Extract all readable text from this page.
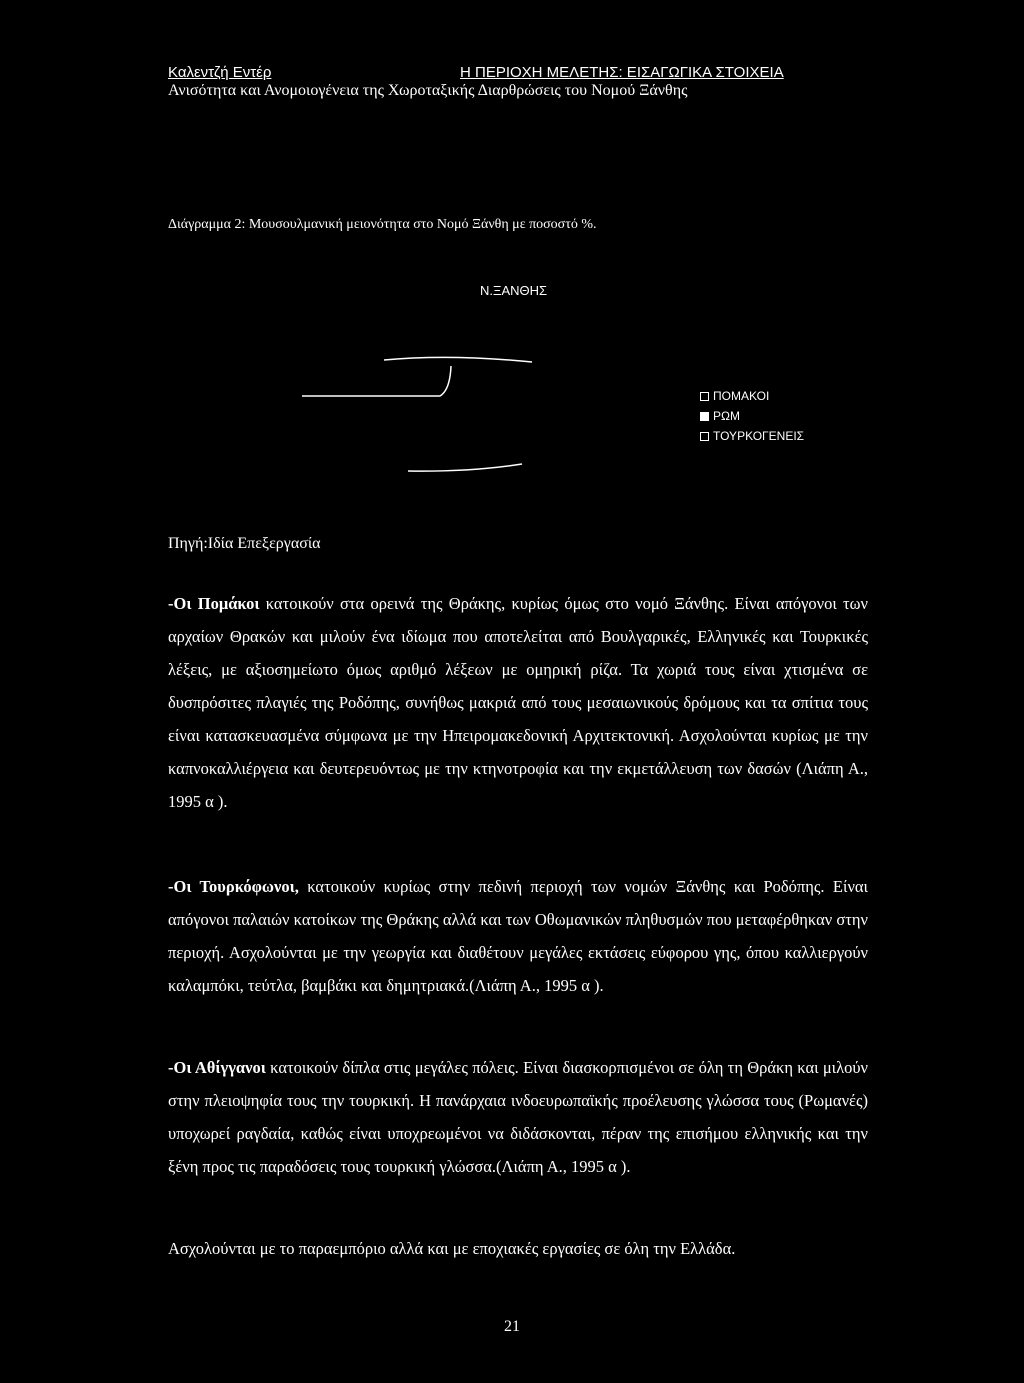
Καλεντζή Εντέρ	Η ΠΕΡΙΟΧΗ ΜΕΛΕΤΗΣ: ΕΙΣΑΓΩΓΙΚΑ ΣΤΟΙΧΕΙΑ
Ανισότητα και Ανομοιογένεια της Χωροταξικής Διαρθρώσεις του Νομού Ξάνθης
Διάγραμμα 2: Μουσουλμανική μειονότητα στο Νομό Ξάνθη με ποσοστό %.
Ν.ΞΑΝΘΗΣ
ΠΟΜΑΚΟΙ
ΡΩΜ
ΤΟΥΡΚΟΓΕΝΕΙΣ
Πηγή:Ιδία Επεξεργασία
-Οι Πομάκοι κατοικούν στα ορεινά της Θράκης, κυρίως όμως στο νομό Ξάνθης. Είναι απόγονοι των αρχαίων Θρακών και μιλούν ένα ιδίωμα που αποτελείται από Βουλγαρικές, Ελληνικές και Τουρκικές λέξεις, με αξιοσημείωτο όμως αριθμό λέξεων με ομηρική ρίζα. Τα χωριά τους είναι χτισμένα σε δυσπρόσιτες πλαγιές της Ροδόπης, συνήθως μακριά από τους μεσαιωνικούς δρόμους και τα σπίτια τους είναι κατασκευασμένα σύμφωνα με την Ηπειρομακεδονική Αρχιτεκτονική. Ασχολούνται κυρίως με την καπνοκαλλιέργεια και δευτερευόντως με την κτηνοτροφία και την εκμετάλλευση των δασών (Λιάπη Α., 1995 α ).
-Οι Τουρκόφωνοι, κατοικούν κυρίως στην πεδινή περιοχή των νομών Ξάνθης και Ροδόπης. Είναι απόγονοι παλαιών κατοίκων της Θράκης αλλά και των Οθωμανικών πληθυσμών που μεταφέρθηκαν στην περιοχή. Ασχολούνται με την γεωργία και διαθέτουν μεγάλες εκτάσεις εύφορου γης, όπου καλλιεργούν καλαμπόκι, τεύτλα, βαμβάκι και δημητριακά.(Λιάπη Α., 1995 α ).
-Οι Αθίγγανοι κατοικούν δίπλα στις μεγάλες πόλεις. Είναι διασκορπισμένοι σε όλη τη Θράκη και μιλούν στην πλειοψηφία τους την τουρκική. Η πανάρχαια ινδοευρωπαϊκής προέλευσης γλώσσα τους (Ρωμανές) υποχωρεί ραγδαία, καθώς είναι υποχρεωμένοι να διδάσκονται, πέραν της επισήμου ελληνικής και την ξένη προς τις παραδόσεις τους τουρκική γλώσσα.(Λιάπη Α., 1995 α ).
Ασχολούνται με το παραεμπόριο αλλά και με εποχιακές εργασίες σε όλη την Ελλάδα.
21
